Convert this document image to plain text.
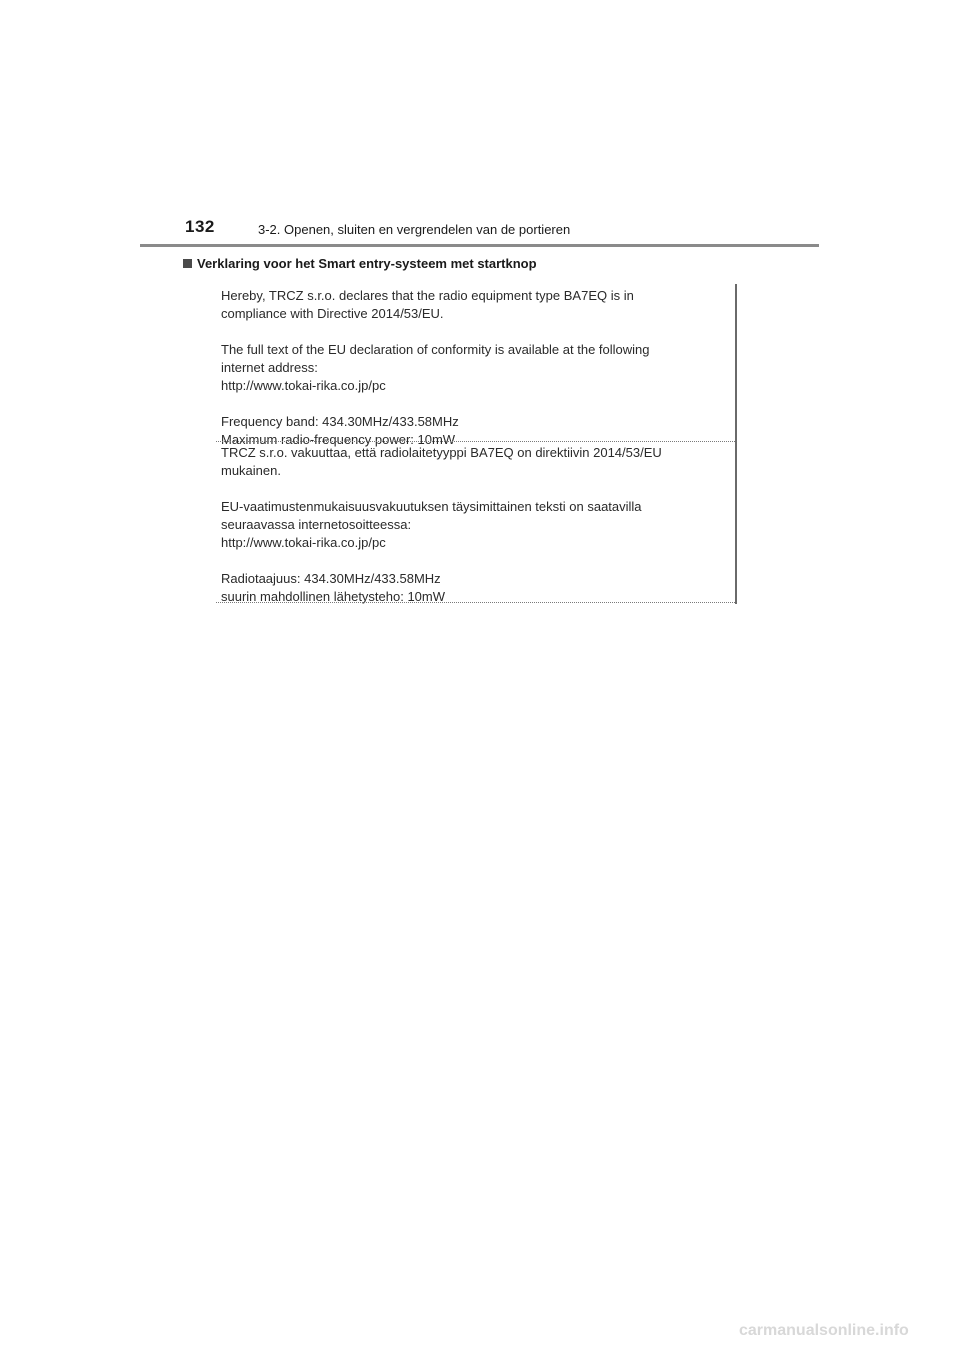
132	3-2. Openen, sluiten en vergrendelen van de portieren
Verklaring voor het Smart entry-systeem met startknop
Hereby, TRCZ s.r.o. declares that the radio equipment type BA7EQ is in
compliance with Directive 2014/53/EU.
The full text of the EU declaration of conformity is available at the following
internet address:
http://www.tokai-rika.co.jp/pc
Frequency band: 434.30MHz/433.58MHz
Maximum radio-frequency power: 10mW
TRCZ s.r.o. vakuuttaa, että radiolaitetyyppi BA7EQ on direktiivin 2014/53/EU
mukainen.
EU-vaatimustenmukaisuusvakuutuksen täysimittainen teksti on saatavilla
seuraavassa internetosoitteessa:
http://www.tokai-rika.co.jp/pc
Radiotaajuus: 434.30MHz/433.58MHz
suurin mahdollinen lähetysteho: 10mW
carmanualsonline.info
